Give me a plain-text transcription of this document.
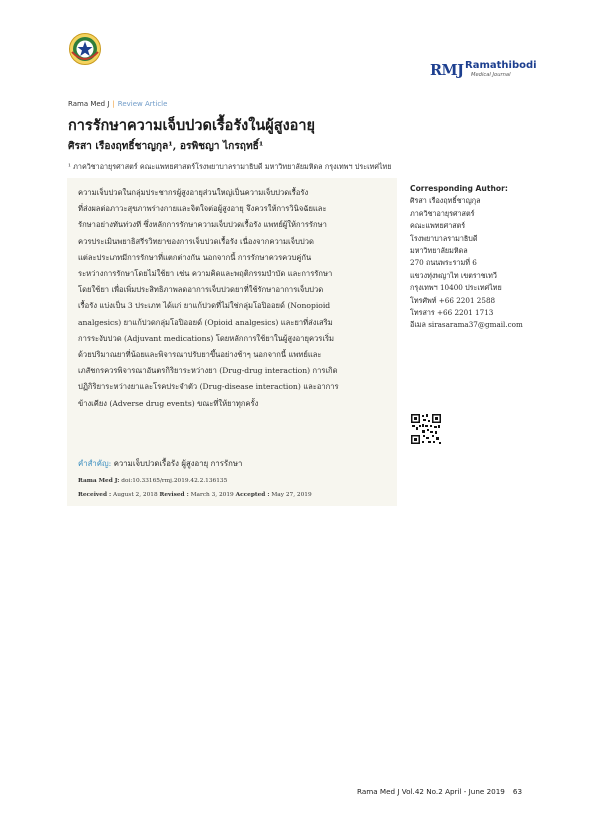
RMJ Ramathibodi
Medical Journal
Rama Med J | Review Article
การรักษาความเจ็บปวดเรื้อรังในผู้สูงอายุ
ศิรสา เรืองฤทธิ์ชาญกุล¹, อรพิชญา ไกรฤทธิ์¹
¹ ภาควิชาอายุรศาสตร์ คณะแพทยศาสตร์โรงพยาบาลรามาธิบดี มหาวิทยาลัยมหิดล กรุงเทพฯ ประเทศไทย
ความเจ็บปวดในกลุ่มประชากรผู้สูงอายุส่วนใหญ่เป็นความเจ็บปวดเรื้อรัง
ที่ส่งผลต่อภาวะสุขภาพร่างกายและจิตใจต่อผู้สูงอายุ จึงควรให้การวินิจฉัยและ
รักษาอย่างทันท่วงที ซึ่งหลักการรักษาความเจ็บปวดเรื้อรัง แพทย์ผู้ให้การรักษา
ควรประเมินพยาธิสรีรวิทยาของการเจ็บปวดเรื้อรัง เนื่องจากความเจ็บปวด
แต่ละประเภทมีการรักษาที่แตกต่างกัน นอกจากนี้ การรักษาควรควบคู่กัน
ระหว่างการรักษาโดยไม่ใช้ยา เช่น ความคิดและพฤติกรรมบำบัด และการรักษา
โดยใช้ยา เพื่อเพิ่มประสิทธิภาพลดอาการเจ็บปวดยาที่ใช้รักษาอาการเจ็บปวด
เรื้อรัง แบ่งเป็น 3 ประเภท ได้แก่ ยาแก้ปวดที่ไม่ใช่กลุ่มโอปิออยด์ (Nonopioid
analgesics) ยาแก้ปวดกลุ่มโอปิออยด์ (Opioid analgesics) และยาที่ส่งเสริม
การระงับปวด (Adjuvant medications) โดยหลักการใช้ยาในผู้สูงอายุควรเริ่ม
ด้วยปริมาณยาที่น้อยและพิจารณาปรับยาขึ้นอย่างช้าๆ นอกจากนี้ แพทย์และ
เภสัชกรควรพิจารณาอันตรกิริยาระหว่างยา (Drug-drug interaction) การเกิด
ปฏิกิริยาระหว่างยาและโรคประจำตัว (Drug-disease interaction) และอาการ
ข้างเคียง (Adverse drug events) ขณะที่ให้ยาทุกครั้ง
คำสำคัญ: ความเจ็บปวดเรื้อรัง ผู้สูงอายุ การรักษา
Rama Med J: doi:10.33165/rmj.2019.42.2.136135
Received : August 2, 2018 Revised : March 3, 2019 Accepted : May 27, 2019
Corresponding Author:
ศิรสา เรืองฤทธิ์ชาญกุล
ภาควิชาอายุรศาสตร์
คณะแพทยศาสตร์
โรงพยาบาลรามาธิบดี
มหาวิทยาลัยมหิดล
270 ถนนพระรามที่ 6
แขวงทุ่งพญาไท เขตราชเทวี
กรุงเทพฯ 10400 ประเทศไทย
โทรศัพท์ +66 2201 2588
โทรสาร +66 2201 1713
อีเมล sirasarama37@gmail.com
Rama Med J Vol.42 No.2 April - June 2019 63
